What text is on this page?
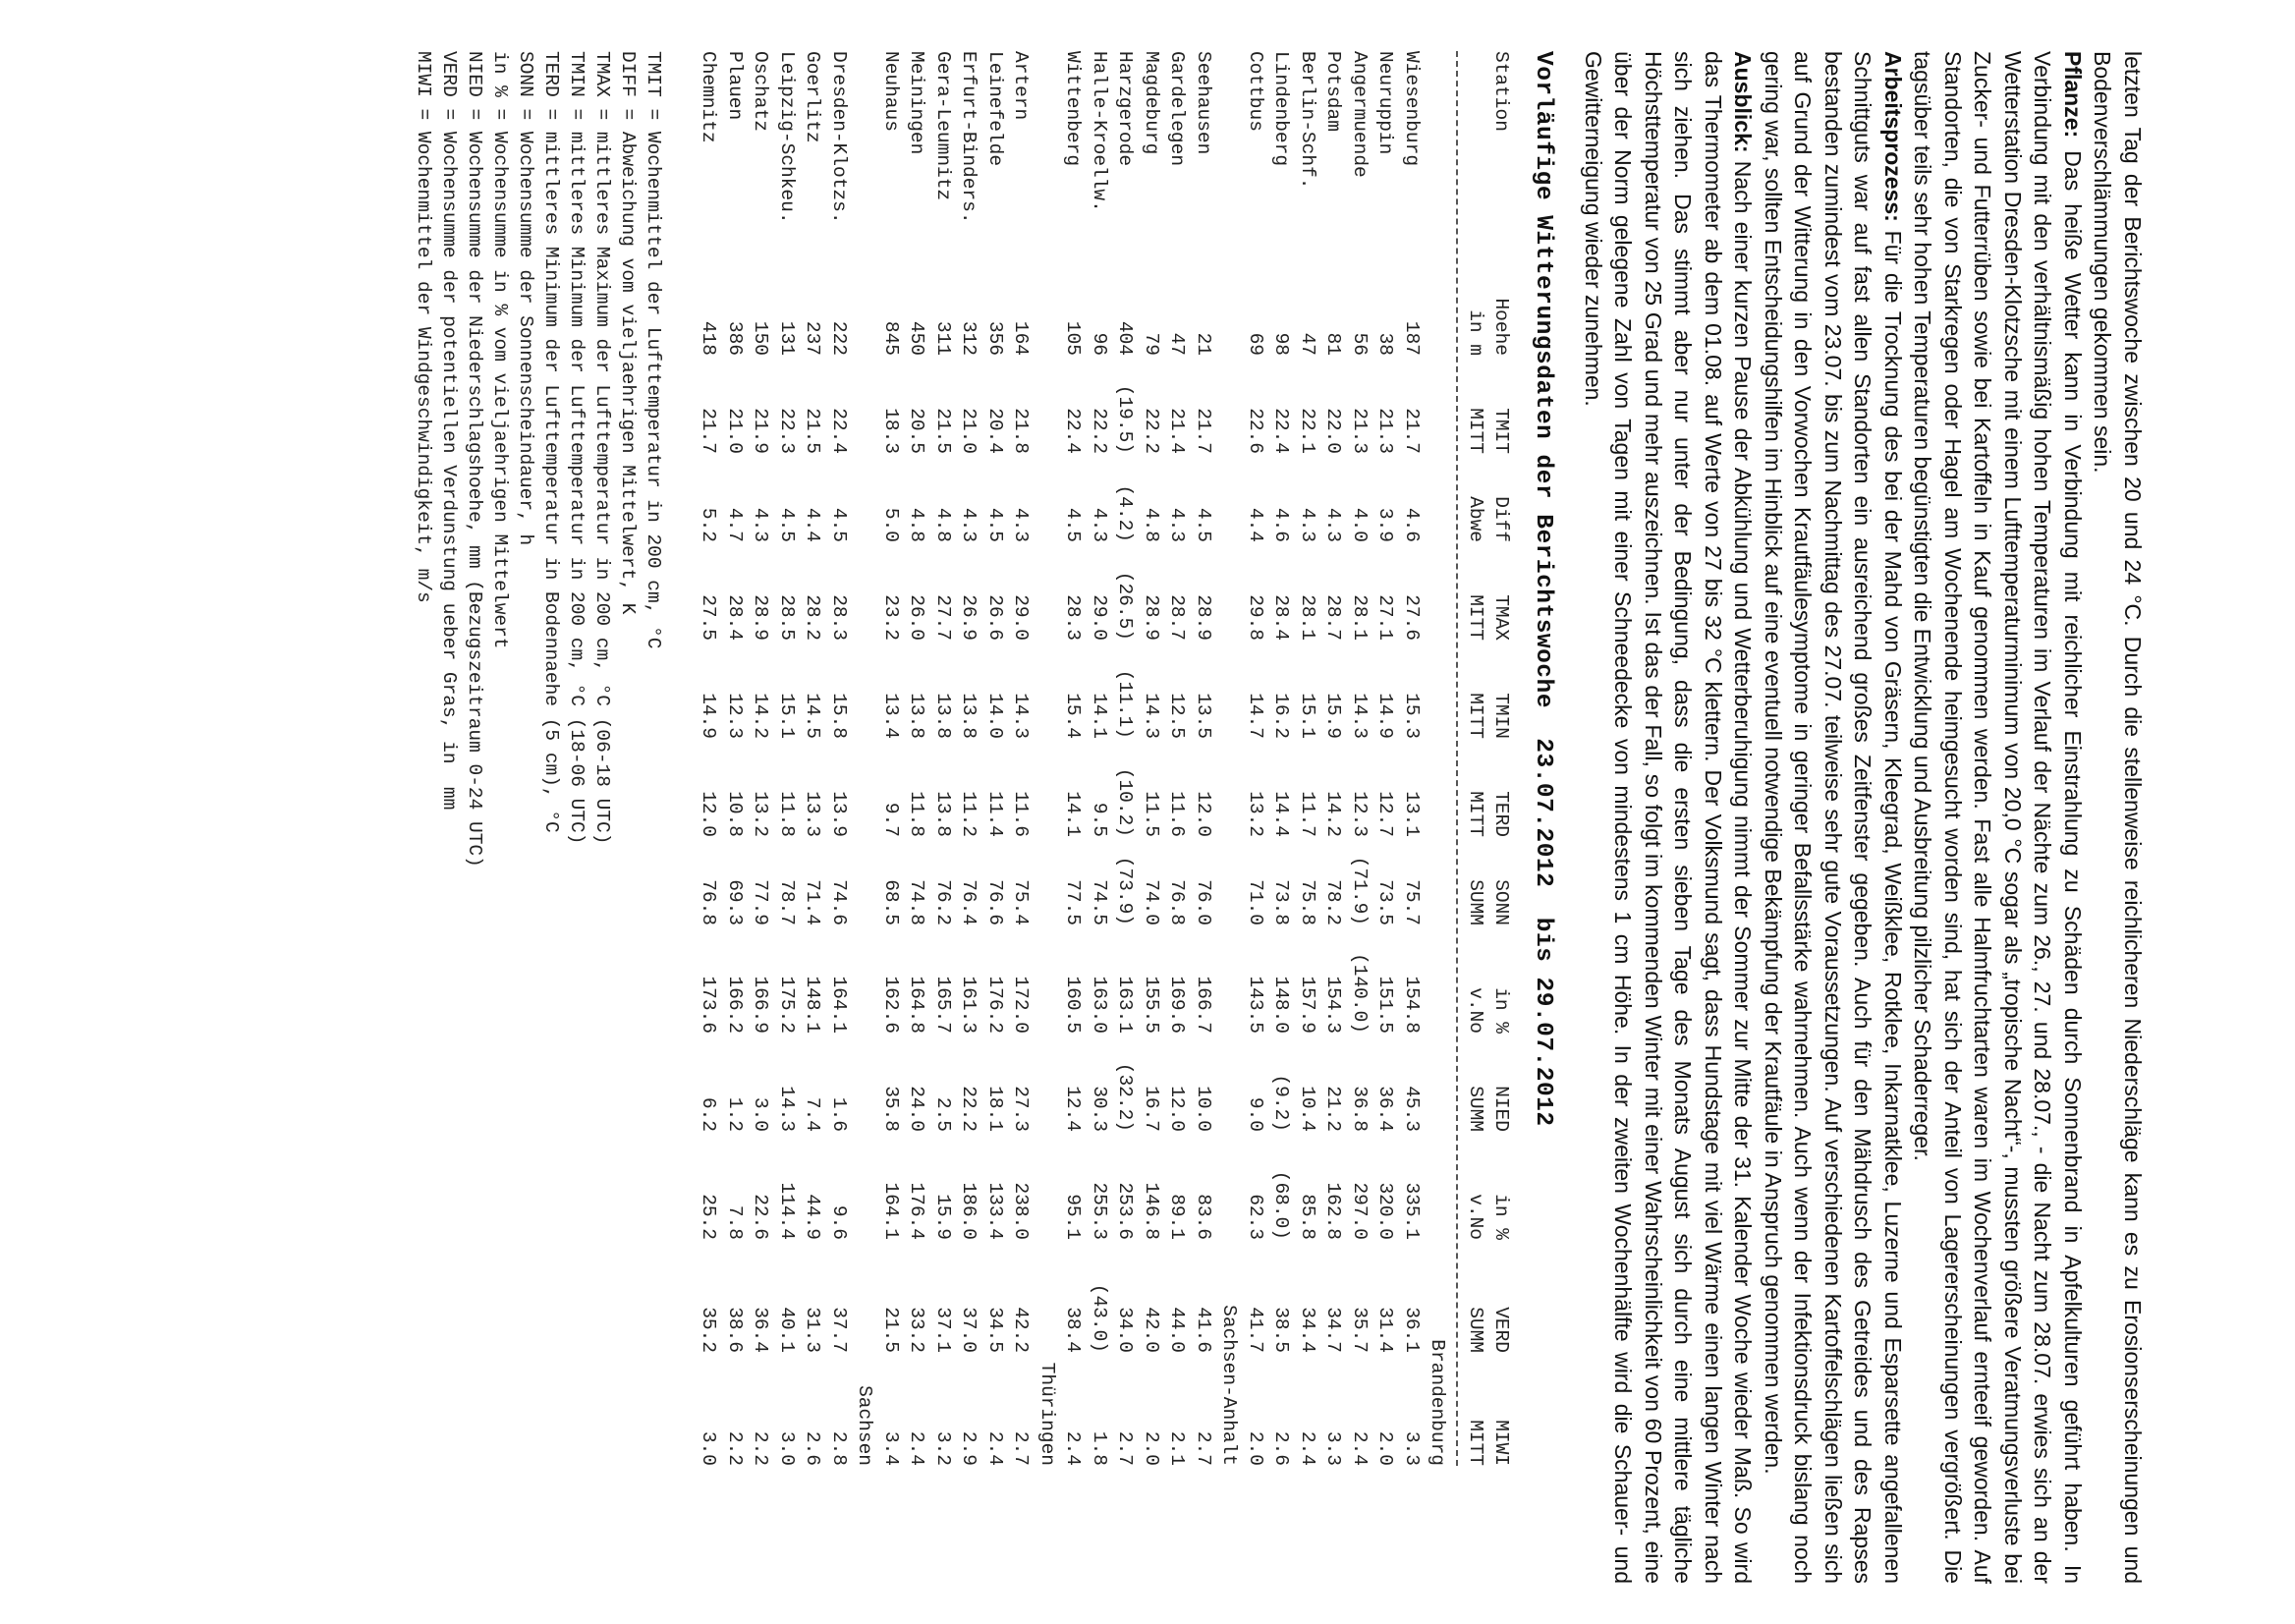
letzten Tag der Berichtswoche zwischen 20 und 24 °C. Durch die stellenweise reichlicheren Niederschläge kann es zu Erosionserscheinungen und Bodenverschlämmungen gekommen sein.

Pflanze: Das heiße Wetter kann in Verbindung mit reichlicher Einstrahlung zu Schäden durch Sonnenbrand in Apfelkulturen geführt haben. In Verbindung mit den verhältnismäßig hohen Temperaturen im Verlauf der Nächte zum 26., 27. und 28.07., - die Nacht zum 28.07. erwies sich an der Wetterstation Dresden-Klotzsche mit einem Lufttemperaturminimum von 20,0 °C sogar als „tropische Nacht“-, mussten größere Veratmungsverluste bei Zucker- und Futterrüben sowie bei Kartoffeln in Kauf genommen werden. Fast alle Halmfruchtarten waren im Wochenverlauf ernteeif geworden. Auf Standorten, die von Starkregen oder Hagel am Wochenende heimgesucht worden sind, hat sich der Anteil von Lagererscheinungen vergrößert. Die tagsüber teils sehr hohen Temperaturen begünstigten die Entwicklung und Ausbreitung pilzlicher Schaderreger.

Arbeitsprozess: Für die Trocknung des bei der Mahd von Gräsern, Kleegrad, Weißklee, Rotklee, Inkarnatklee, Luzerne und Esparsette angefallenen Schnittguts war auf fast allen Standorten ein ausreichend großes Zeitfenster gegeben. Auch für den Mähdrusch des Getreides und des Rapses bestanden zumindest vom 23.07. bis zum Nachmittag des 27.07. teilweise sehr gute Voraussetzungen. Auf verschiedenen Kartoffelschlägen ließen sich auf Grund der Witterung in den Vorwochen Krautfäulesymptome in geringer Befallsstärke wahrnehmen. Auch wenn der Infektionsdruck bislang noch gering war, sollten Entscheidungshilfen im Hinblick auf eine eventuell notwendige Bekämpfung der Krautfäule in Anspruch genommen werden.

Ausblick: Nach einer kurzen Pause der Abkühlung und Wetterberuhigung nimmt der Sommer zur Mitte der 31. Kalender Woche wieder Maß. So wird das Thermometer ab dem 01.08. auf Werte von 27 bis 32 °C klettern. Der Volksmund sagt, dass Hundstage mit viel Wärme einen langen Winter nach sich ziehen. Das stimmt aber nur unter der Bedingung, dass die ersten sieben Tage des Monats August sich durch eine mittlere tägliche Höchsttemperatur von 25 Grad und mehr auszeichnen. Ist das der Fall, so folgt im kommenden Winter mit einer Wahrscheinlichkeit von 60 Prozent, eine über der Norm gelegene Zahl von Tagen mit einer Schneedecke von mindestens 1 cm Höhe. In der zweiten Wochenhälfte wird die Schauer- und Gewitterneigung wieder zunehmen.

Vorläufige Witterungsdaten der Berichtswoche  23.07.2012  bis 29.07.2012
Station	Hoehe	TMIT	Diff	TMAX	TMIN	TERD	SONN	in %	NIED	in %	VERD	MIWI
	in m	MITT	Abwe	MITT	MITT	MITT	SUMM	v.No	SUMM	v.No	SUMM	MITT

Brandenburg												
Wiesenburg	187	21.7	4.6	27.6	15.3	13.1	75.7	154.8	45.3	335.1	36.1	3.3
Neuruppin	38	21.3	3.9	27.1	14.9	12.7	73.5	151.5	36.4	320.0	31.4	2.0
Angermuende	56	21.3	4.0	28.1	14.3	12.3	(71.9)	(140.0)	36.8	297.0	35.7	2.4
Potsdam	81	22.0	4.3	28.7	15.9	14.2	78.2	154.3	21.2	162.8	34.7	3.3
Berlin-Schf.	47	22.1	4.3	28.1	15.1	11.7	75.8	157.9	10.4	85.8	34.4	2.4
Lindenberg	98	22.4	4.6	28.4	16.2	14.4	73.8	148.0	(9.2)	(68.0)	38.5	2.6
Cottbus	69	22.6	4.4	29.8	14.7	13.2	71.0	143.5	9.0	62.3	41.7	2.0
Sachsen-Anhalt												
Seehausen	21	21.7	4.5	28.9	13.5	12.0	76.0	166.7	10.0	83.6	41.6	2.7
Gardelegen	47	21.4	4.3	28.7	12.5	11.6	76.8	169.6	12.0	89.1	44.0	2.1
Magdeburg	79	22.2	4.8	28.9	14.3	11.5	74.0	155.5	16.7	146.8	42.0	2.0
Harzgerode	404	(19.5)	(4.2)	(26.5)	(11.1)	(10.2)	(73.9)	163.1	(32.2)	253.6	34.0	2.7
Halle-Kroellw.	96	22.2	4.3	29.0	14.1	9.5	74.5	163.0	30.3	255.3	(43.0)	1.8
Wittenberg	105	22.4	4.5	28.3	15.4	14.1	77.5	160.5	12.4	95.1	38.4	2.4
Thüringen												
Artern	164	21.8	4.3	29.0	14.3	11.6	75.4	172.0	27.3	238.0	42.2	2.7
Leinefelde	356	20.4	4.5	26.6	14.0	11.4	76.6	176.2	18.1	133.4	34.5	2.4
Erfurt-Binders.	312	21.0	4.3	26.9	13.8	11.2	76.4	161.3	22.2	186.0	37.0	2.9
Gera-Leumnitz	311	21.5	4.8	27.7	13.8	13.8	76.2	165.7	2.5	15.9	37.1	3.2
Meiningen	450	20.5	4.8	26.0	13.8	11.8	74.8	164.8	24.0	176.4	33.2	2.4
Neuhaus	845	18.3	5.0	23.2	13.4	9.7	68.5	162.6	35.8	164.1	21.5	3.4
Sachsen												
Dresden-Klotzs.	222	22.4	4.5	28.3	15.8	13.9	74.6	164.1	1.6	9.6	37.7	2.8
Goerlitz	237	21.5	4.4	28.2	14.5	13.3	71.4	148.1	7.4	44.9	31.3	2.6
Leipzig-Schkeu.	131	22.3	4.5	28.5	15.1	11.8	78.7	175.2	14.3	114.4	40.1	3.0
Oschatz	150	21.9	4.3	28.9	14.2	13.2	77.9	166.9	3.0	22.6	36.4	2.2
Plauen	386	21.0	4.7	28.4	12.3	10.8	69.3	166.2	1.2	7.8	38.6	2.2
Chemnitz	418	21.7	5.2	27.5	14.9	12.0	76.8	173.6	6.2	25.2	35.2	3.0
TMIT = Wochenmittel der Lufttemperatur in 200 cm, °C
DIFF = Abweichung vom vieljaehrigen Mittelwert, K
TMAX = mittleres Maximum der Lufttemperatur in 200 cm, °C (06-18 UTC)
TMIN = mittleres Minimum der Lufttemperatur in 200 cm, °C (18-06 UTC)
TERD = mittleres Minimum der Lufttemperatur in Bodennaehe (5 cm), °C
SONN = Wochensumme der Sonnenscheindauer, h
in % = Wochensumme in % vom vieljaehrigen Mittelwert
NIED = Wochensumme der Niederschlagshoehe, mm (Bezugszeitraum 0-24 UTC)
VERD = Wochensumme der potentiellen Verdunstung ueber Gras, in  mm
MIWI = Wochenmittel der Windgeschwindigkeit, m/s
